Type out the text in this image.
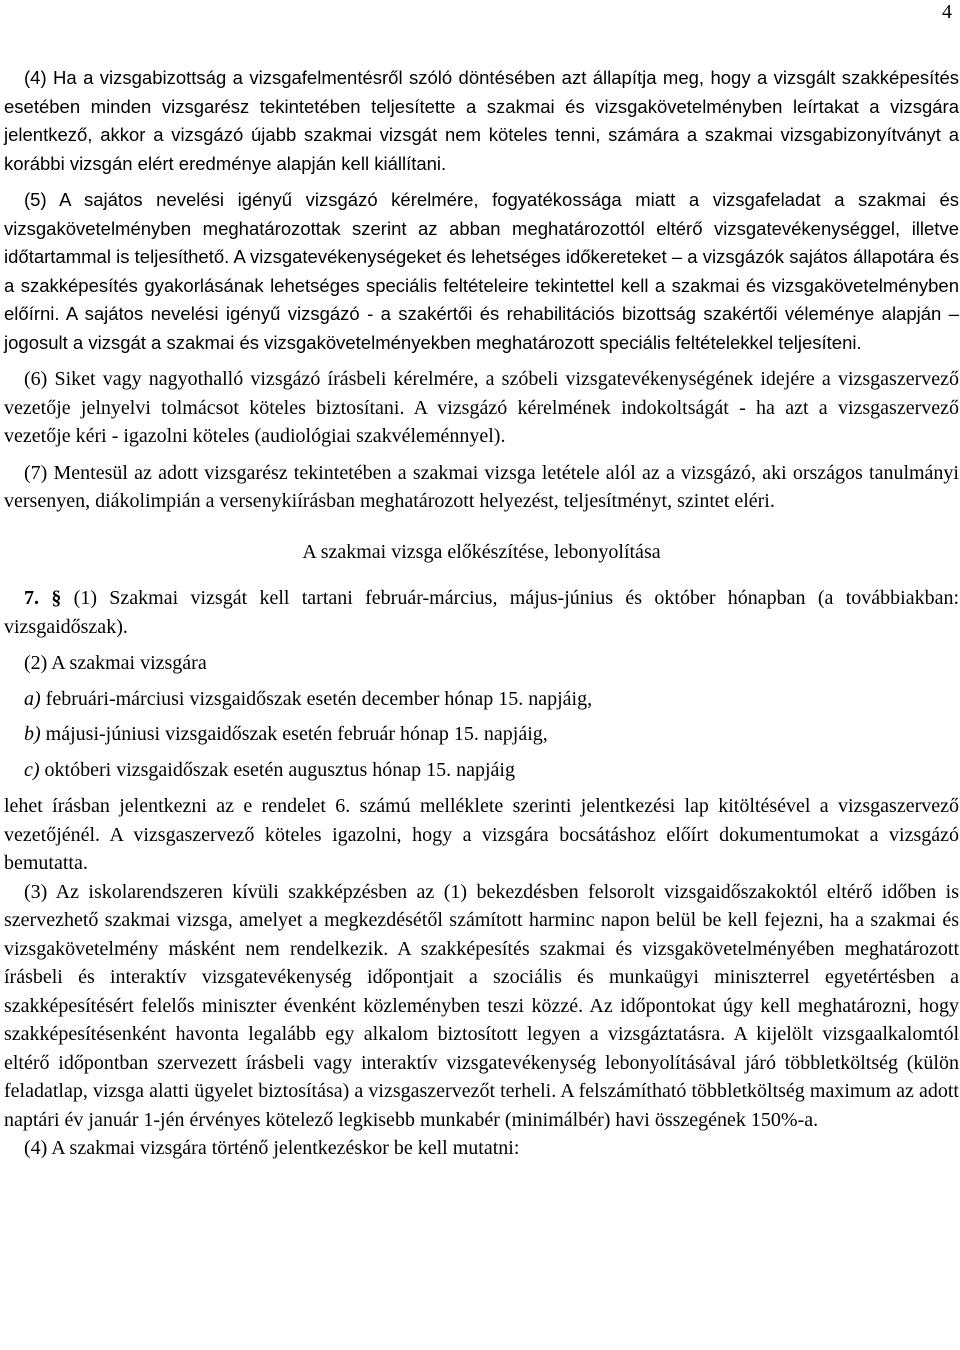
4

(4) Ha a vizsgabizottság a vizsgafelmentésről szóló döntésében azt állapítja meg, hogy a vizsgált szakképesítés esetében minden vizsgarész tekintetében teljesítette a szakmai és vizsgakövetelményben leírtakat a vizsgára jelentkező, akkor a vizsgázó újabb szakmai vizsgát nem köteles tenni, számára a szakmai vizsgabizonyítványt a korábbi vizsgán elért eredménye alapján kell kiállítani.

(5) A sajátos nevelési igényű vizsgázó kérelmére, fogyatékossága miatt a vizsgafeladat a szakmai és vizsgakövetelményben meghatározottak szerint az abban meghatározottól eltérő vizsgatevékenységgel, illetve időtartammal is teljesíthető. A vizsgatevékenységeket és lehetséges időkereteket – a vizsgázók sajátos állapotára és a szakképesítés gyakorlásának lehetséges speciális feltételeire tekintettel kell a szakmai és vizsgakövetelményben előírni. A sajátos nevelési igényű vizsgázó - a szakértői és rehabilitációs bizottság szakértői véleménye alapján – jogosult a vizsgát a szakmai és vizsgakövetelményekben meghatározott speciális feltételekkel teljesíteni.

(6) Siket vagy nagyothalló vizsgázó írásbeli kérelmére, a szóbeli vizsgatevékenységének idejére a vizsgaszervező vezetője jelnyelvi tolmácsot köteles biztosítani. A vizsgázó kérelmének indokoltságát - ha azt a vizsgaszervező vezetője kéri - igazolni köteles (audiológiai szakvéleménnyel).

(7) Mentesül az adott vizsgarész tekintetében a szakmai vizsga letétele alól az a vizsgázó, aki országos tanulmányi versenyen, diákolimpián a versenykiírásban meghatározott helyezést, teljesítményt, szintet eléri.

A szakmai vizsga előkészítése, lebonyolítása

7. § (1) Szakmai vizsgát kell tartani február-március, május-június és október hónapban (a továbbiakban: vizsgaidőszak).

(2) A szakmai vizsgára

a) februári-márciusi vizsgaidőszak esetén december hónap 15. napjáig,
b) májusi-júniusi vizsgaidőszak esetén február hónap 15. napjáig,
c) októberi vizsgaidőszak esetén augusztus hónap 15. napjáig

lehet írásban jelentkezni az e rendelet 6. számú melléklete szerinti jelentkezési lap kitöltésével a vizsgaszervező vezetőjénél. A vizsgaszervező köteles igazolni, hogy a vizsgára bocsátáshoz előírt dokumentumokat a vizsgázó bemutatta.

(3) Az iskolarendszeren kívüli szakképzésben az (1) bekezdésben felsorolt vizsgaidőszakoktól eltérő időben is szervezhető szakmai vizsga, amelyet a megkezdésétől számított harminc napon belül be kell fejezni, ha a szakmai és vizsgakövetelmény másként nem rendelkezik. A szakképesítés szakmai és vizsgakövetelményében meghatározott írásbeli és interaktív vizsgatevékenység időpontjait a szociális és munkaügyi miniszterrel egyetértésben a szakképesítésért felelős miniszter évenként közleményben teszi közzé. Az időpontokat úgy kell meghatározni, hogy szakképesítésenként havonta legalább egy alkalom biztosított legyen a vizsgáztatásra. A kijelölt vizsgaalkalomtól eltérő időpontban szervezett írásbeli vagy interaktív vizsgatevékenység lebonyolításával járó többletköltség (külön feladatlap, vizsga alatti ügyelet biztosítása) a vizsgaszervezőt terheli. A felszámítható többletköltség maximum az adott naptári év január 1-jén érvényes kötelező legkisebb munkabér (minimálbér) havi összegének 150%-a.

(4) A szakmai vizsgára történő jelentkezéskor be kell mutatni:
